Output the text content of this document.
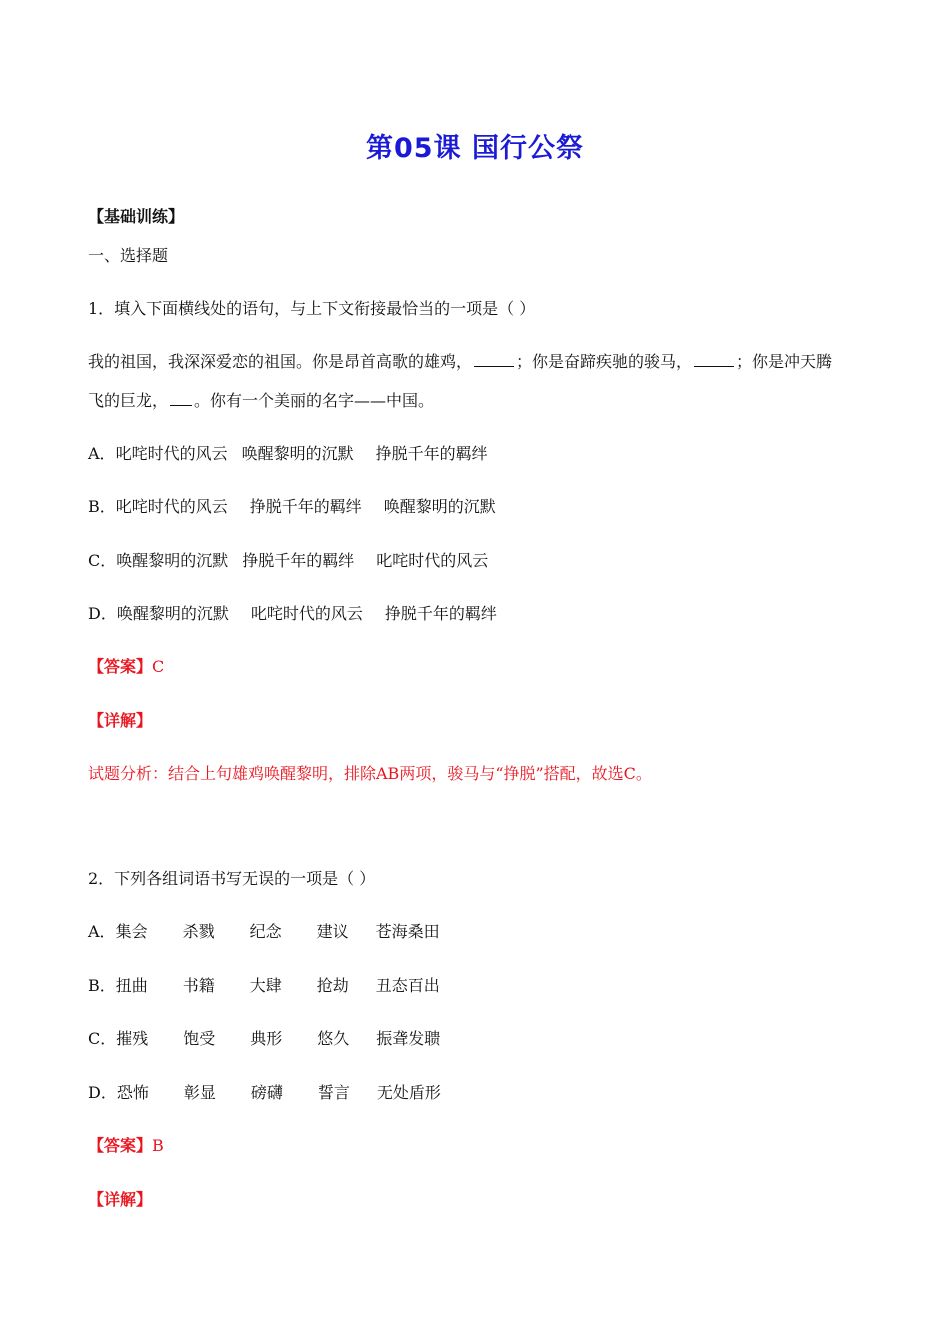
第05课 国行公祭
【基础训练】
一、选择题
1．填入下面横线处的语句，与上下文衔接最恰当的一项是（ ）
我的祖国，我深深爱恋的祖国。你是昂首高歌的雄鸡，	；你是奋蹄疾驰的骏马，	；你是冲天腾
飞的巨龙， 。你有一个美丽的名字——中国。
A．叱咤时代的风云 唤醒黎明的沉默 挣脱千年的羁绊
B．叱咤时代的风云 挣脱千年的羁绊 唤醒黎明的沉默
C．唤醒黎明的沉默 挣脱千年的羁绊 叱咤时代的风云
D．唤醒黎明的沉默 叱咤时代的风云 挣脱千年的羁绊
【答案】C
【详解】
试题分析：结合上句雄鸡唤醒黎明，排除AB两项，骏马与“挣脱”搭配，故选C。
2．下列各组词语书写无误的一项是（ ）
A．集会 杀戮 纪念 建议 苍海桑田
B．扭曲 书籍 大肆 抢劫 丑态百出
C．摧残 饱受 典形 悠久 振聋发聩
D．恐怖 彰显 磅礴 誓言 无处盾形
【答案】B
【详解】
